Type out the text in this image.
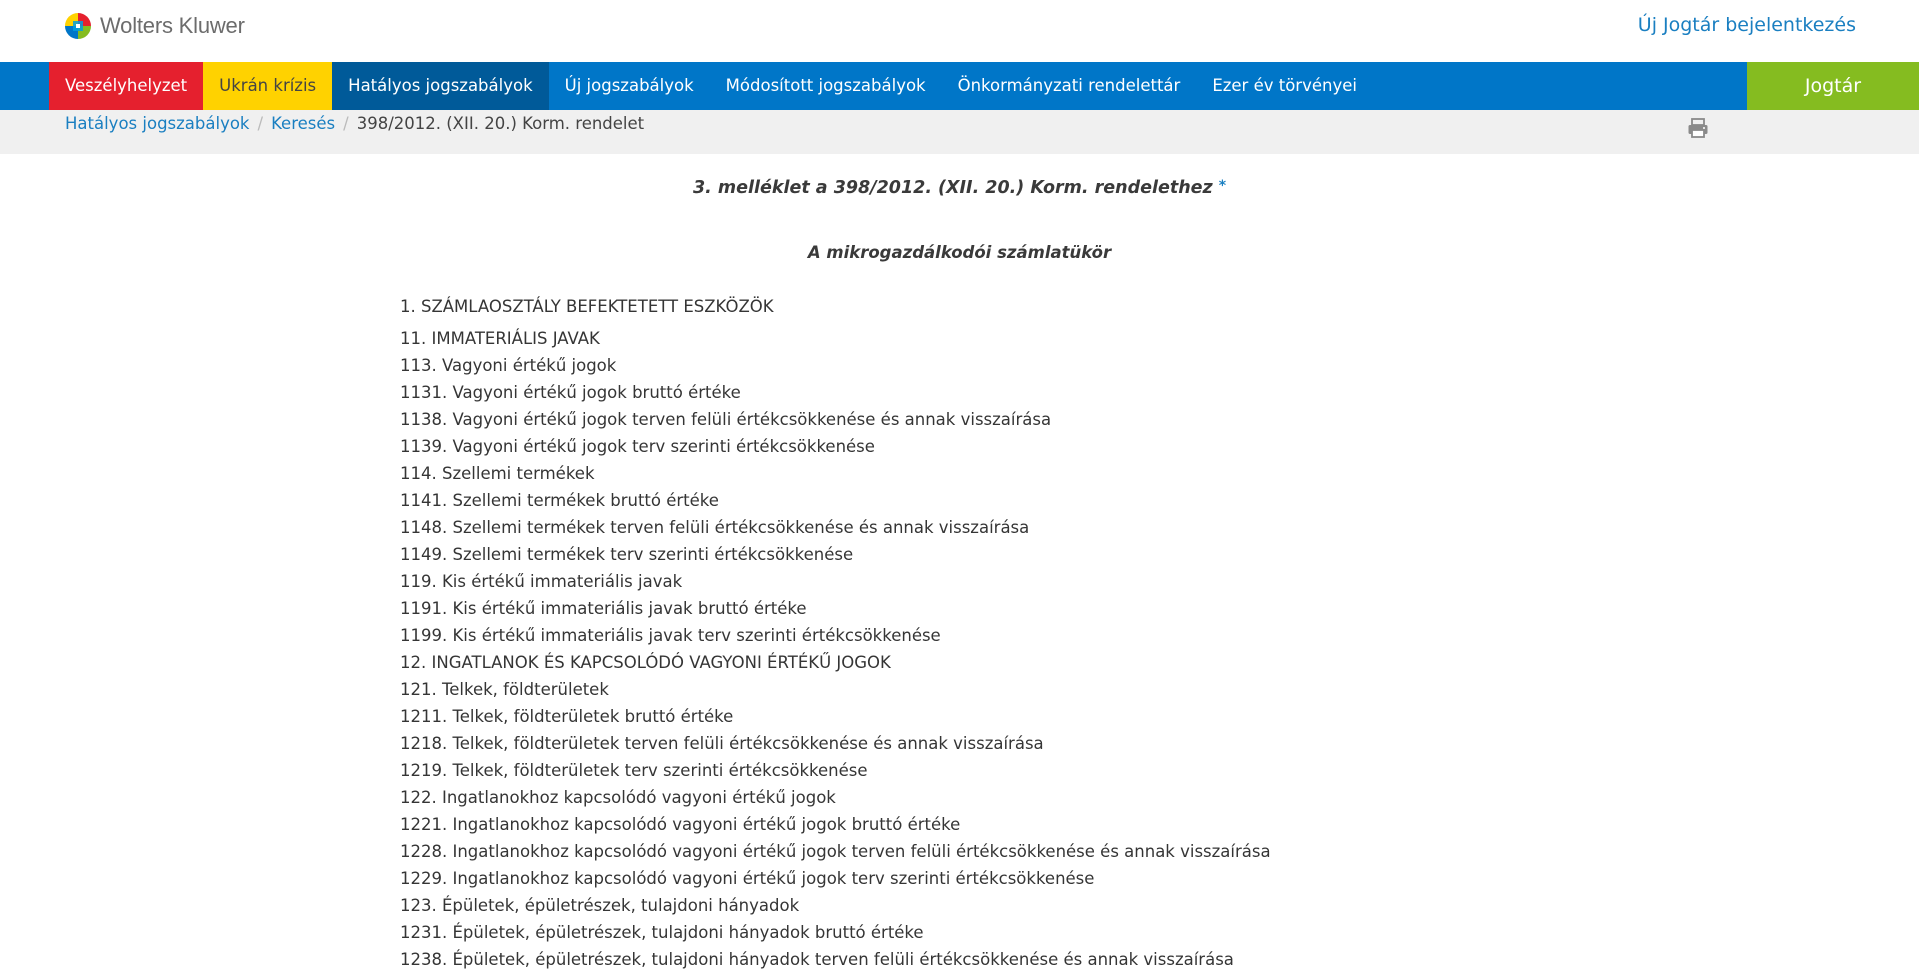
Wolters Kluwer	Új Jogtár bejelentkezés
Veszélyhelyzet	Ukrán krízis	Hatályos jogszabályok	Új jogszabályok	Módosított jogszabályok	Önkormányzati rendelettár	Ezer év törvényei	Jogtár
Hatályos jogszabályok / Keresés / 398/2012. (XII. 20.) Korm. rendelet
3. melléklet a 398/2012. (XII. 20.) Korm. rendelethez *
A mikrogazdálkodói számlatükör
1. SZÁMLAOSZTÁLY BEFEKTETETT ESZKÖZÖK
11. IMMATERIÁLIS JAVAK
113. Vagyoni értékű jogok
1131. Vagyoni értékű jogok bruttó értéke
1138. Vagyoni értékű jogok terven felüli értékcsökkenése és annak visszaírása
1139. Vagyoni értékű jogok terv szerinti értékcsökkenése
114. Szellemi termékek
1141. Szellemi termékek bruttó értéke
1148. Szellemi termékek terven felüli értékcsökkenése és annak visszaírása
1149. Szellemi termékek terv szerinti értékcsökkenése
119. Kis értékű immateriális javak
1191. Kis értékű immateriális javak bruttó értéke
1199. Kis értékű immateriális javak terv szerinti értékcsökkenése
12. INGATLANOK ÉS KAPCSOLÓDÓ VAGYONI ÉRTÉKŰ JOGOK
121. Telkek, földterületek
1211. Telkek, földterületek bruttó értéke
1218. Telkek, földterületek terven felüli értékcsökkenése és annak visszaírása
1219. Telkek, földterületek terv szerinti értékcsökkenése
122. Ingatlanokhoz kapcsolódó vagyoni értékű jogok
1221. Ingatlanokhoz kapcsolódó vagyoni értékű jogok bruttó értéke
1228. Ingatlanokhoz kapcsolódó vagyoni értékű jogok terven felüli értékcsökkenése és annak visszaírása
1229. Ingatlanokhoz kapcsolódó vagyoni értékű jogok terv szerinti értékcsökkenése
123. Épületek, épületrészek, tulajdoni hányadok
1231. Épületek, épületrészek, tulajdoni hányadok bruttó értéke
1238. Épületek, épületrészek, tulajdoni hányadok terven felüli értékcsökkenése és annak visszaírása
